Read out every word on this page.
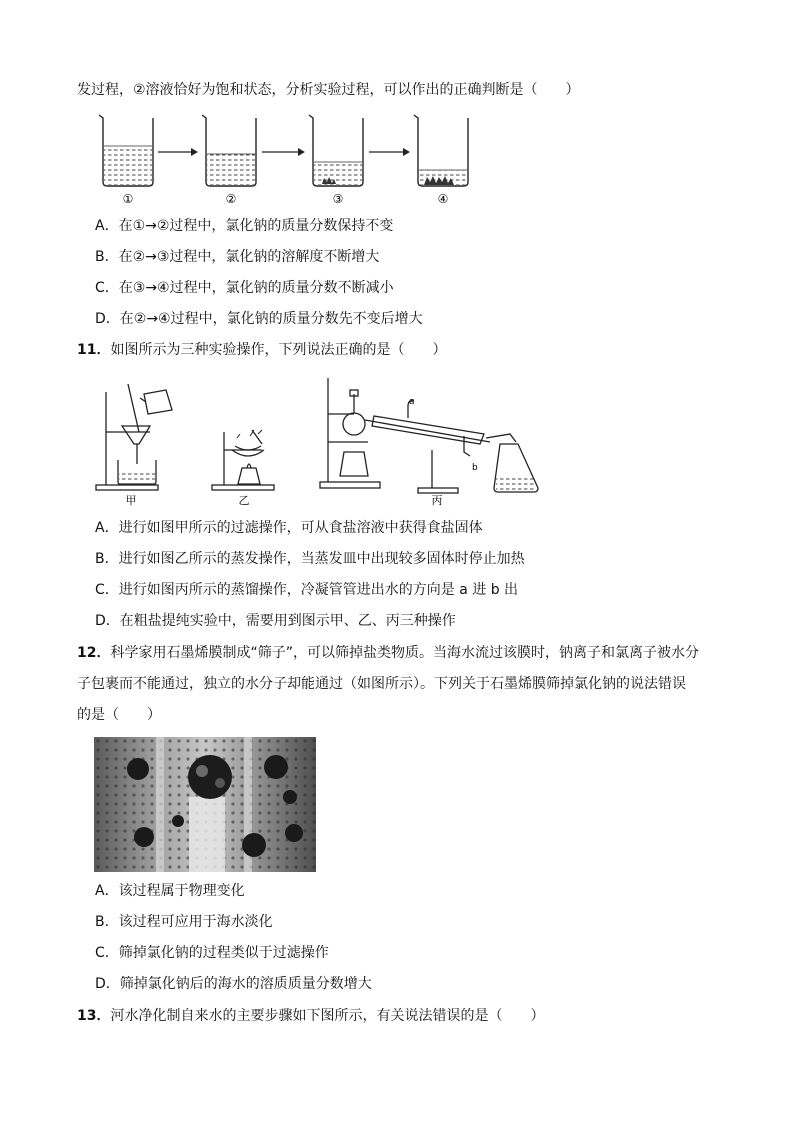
发过程，②溶液恰好为饱和状态，分析实验过程，可以作出的正确判断是（　　）
①	②	③	④
A．在①→②过程中，氯化钠的质量分数保持不变
B．在②→③过程中，氯化钠的溶解度不断增大
C．在③→④过程中，氯化钠的质量分数不断减小
D．在②→④过程中，氯化钠的质量分数先不变后增大
11．如图所示为三种实验操作，下列说法正确的是（　　）
a
b
甲	乙	丙
A．进行如图甲所示的过滤操作，可从食盐溶液中获得食盐固体
B．进行如图乙所示的蒸发操作，当蒸发皿中出现较多固体时停止加热
C．进行如图丙所示的蒸馏操作，冷凝管管进出水的方向是 a 进 b 出
D．在粗盐提纯实验中，需要用到图示甲、乙、丙三种操作
12．科学家用石墨烯膜制成“筛子”，可以筛掉盐类物质。当海水流过该膜时，钠离子和氯离子被水分
子包裹而不能通过，独立的水分子却能通过（如图所示）。下列关于石墨烯膜筛掉氯化钠的说法错误
的是（　　）
A．该过程属于物理变化
B．该过程可应用于海水淡化
C．筛掉氯化钠的过程类似于过滤操作
D．筛掉氯化钠后的海水的溶质质量分数增大
13．河水净化制自来水的主要步骤如下图所示，有关说法错误的是（　　）
